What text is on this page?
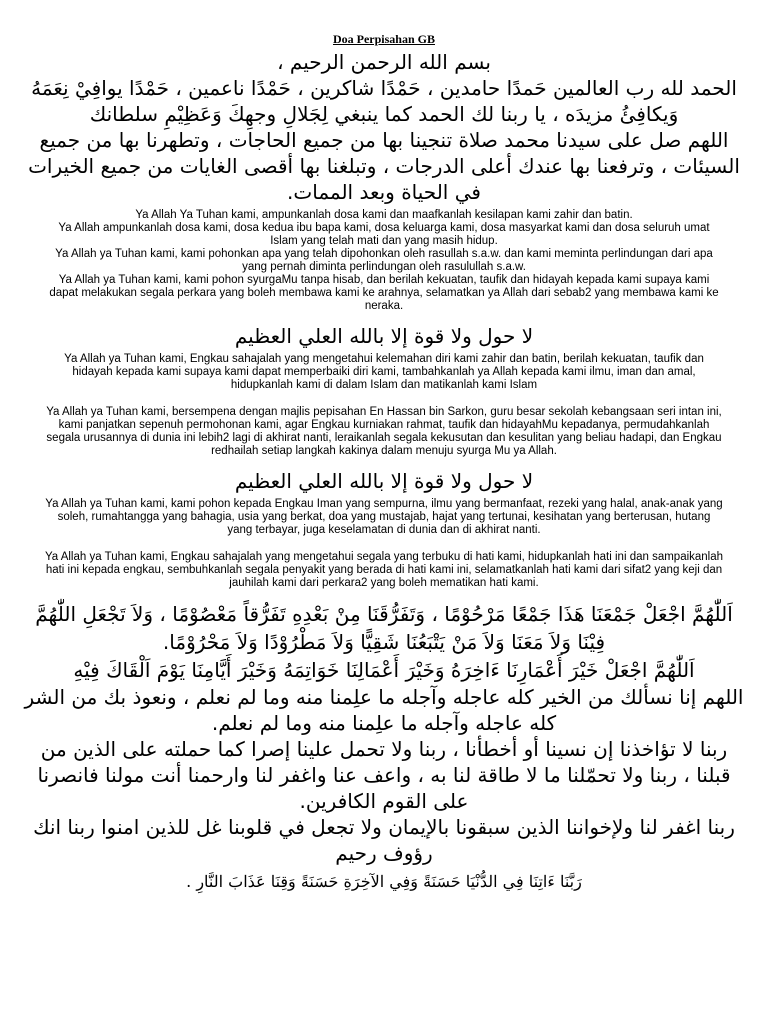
Doa Perpisahan GB

بسم الله الرحمن الرحيم ،

الحمد لله رب العالمين حَمدًا حامدين ، حَمْدًا شاكرين ، حَمْدًا ناعمين ، حَمْدًا يوافِيْ نِعَمَهُ وَيكافِئُ مزيدَه ، يا ربنا لك الحمد كما ينبغي لِجَلالِ وجهِكَ وَعَظِيْمِ سلطانك

اللهم صل على سيدنا محمد صلاة تنجينا بها من جميع الحاجات ، وتطهرنا بها من جميع السيئات ، وترفعنا بها عندك أعلى الدرجات ، وتبلغنا بها أقصى الغايات من جميع الخيرات في الحياة وبعد الممات.

Ya Allah Ya Tuhan kami, ampunkanlah dosa kami dan maafkanlah kesilapan kami zahir dan batin.

Ya Allah ampunkanlah dosa kami, dosa kedua ibu bapa kami, dosa keluarga kami, dosa masyarkat kami dan dosa seluruh umat Islam yang telah mati dan yang masih hidup.

Ya Allah ya Tuhan kami, kami pohonkan apa yang telah dipohonkan oleh rasullah s.a.w. dan kami meminta perlindungan dari apa yang pernah diminta perlindungan oleh rasulullah s.a.w.

Ya Allah ya Tuhan kami, kami pohon syurgaMu tanpa hisab, dan berilah kekuatan, taufik dan hidayah kepada kami supaya kami dapat melakukan segala perkara yang boleh membawa kami ke arahnya, selamatkan ya Allah dari sebab2 yang membawa kami ke neraka.

لا حول ولا قوة إلا بالله العلي العظيم

Ya Allah ya Tuhan kami, Engkau sahajalah yang mengetahui kelemahan diri kami zahir dan batin, berilah kekuatan, taufik dan hidayah kepada kami supaya kami dapat memperbaiki diri kami, tambahkanlah ya Allah kepada kami ilmu, iman dan amal, hidupkanlah kami di dalam Islam dan matikanlah kami Islam

Ya Allah ya Tuhan kami, bersempena dengan majlis pepisahan En Hassan bin Sarkon, guru besar sekolah kebangsaan seri intan ini, kami panjatkan sepenuh permohonan kami, agar Engkau kurniakan rahmat, taufik dan hidayahMu kepadanya, permudahkanlah segala urusannya di dunia ini lebih2 lagi di akhirat nanti, leraikanlah segala kekusutan dan kesulitan yang beliau hadapi, dan Engkau redhailah setiap langkah kakinya dalam menuju syurga Mu ya Allah.

لا حول ولا قوة إلا بالله العلي العظيم

Ya Allah ya Tuhan kami, kami pohon kepada Engkau Iman yang sempurna, ilmu yang bermanfaat, rezeki yang halal, anak-anak yang soleh, rumahtangga yang bahagia, usia yang berkat, doa yang mustajab, hajat yang tertunai, kesihatan yang berterusan, hutang yang terbayar, juga keselamatan di dunia dan di akhirat nanti.

Ya Allah ya Tuhan kami, Engkau sahajalah yang mengetahui segala yang terbuku di hati kami, hidupkanlah hati ini dan sampaikanlah hati ini kepada engkau, sembuhkanlah segala penyakit yang berada di hati kami ini, selamatkanlah hati kami dari sifat2 yang keji dan jauhilah kami dari perkara2 yang boleh mematikan hati kami.

اَللّٰهُمَّ اجْعَلْ جَمْعَنَا هَذَا جَمْعًا مَرْحُوْمًا ، وَتَفَرُّقَنَا مِنْ بَعْدِهِ تَفَرُّقاً مَعْصُوْمًا ، وَلاَ تَجْعَلِ اللّٰهُمَّ فِيْنَا وَلاَ مَعَنَا وَلاَ مَنْ يَتْبَعُنَا شَقِيًّا وَلاَ مَطْرُوْدًا وَلاَ مَحْرُوْمًا.

اَللّٰهُمَّ اجْعَلْ خَيْرَ أَعْمَارِنَا ءَاخِرَهُ وَخَيْرَ أَعْمَالِنَا خَوَاتِمَهُ وَخَيْرَ أَيَّامِنَا يَوْمَ اَلْقَاكَ فِيْهِ

اللهم إنا نسألك من الخير كله عاجله وآجله ما علِمنا منه وما لم نعلم ، ونعوذ بك من الشر كله عاجله وآجله ما علِمنا منه وما لم نعلم.

ربنا لا تؤاخذنا إن نسينا أو أخطأنا ، ربنا ولا تحمل علينا إصرا كما حملته على الذين من قبلنا ، ربنا ولا تحمّلنا ما لا طاقة لنا به ، واعف عنا واغفر لنا وارحمنا أنت مولنا فانصرنا على القوم الكافرين.

ربنا اغفر لنا ولإخواننا الذين سبقونا بالإيمان ولا تجعل في قلوبنا غل للذين امنوا ربنا انك رؤوف رحيم

رَبَّنَا ءَاتِنَا فِي الدُّنْيَا حَسَنَةً وَفِي الآخِرَةِ حَسَنَةً وَقِنَا عَذَابَ النَّارِ .
